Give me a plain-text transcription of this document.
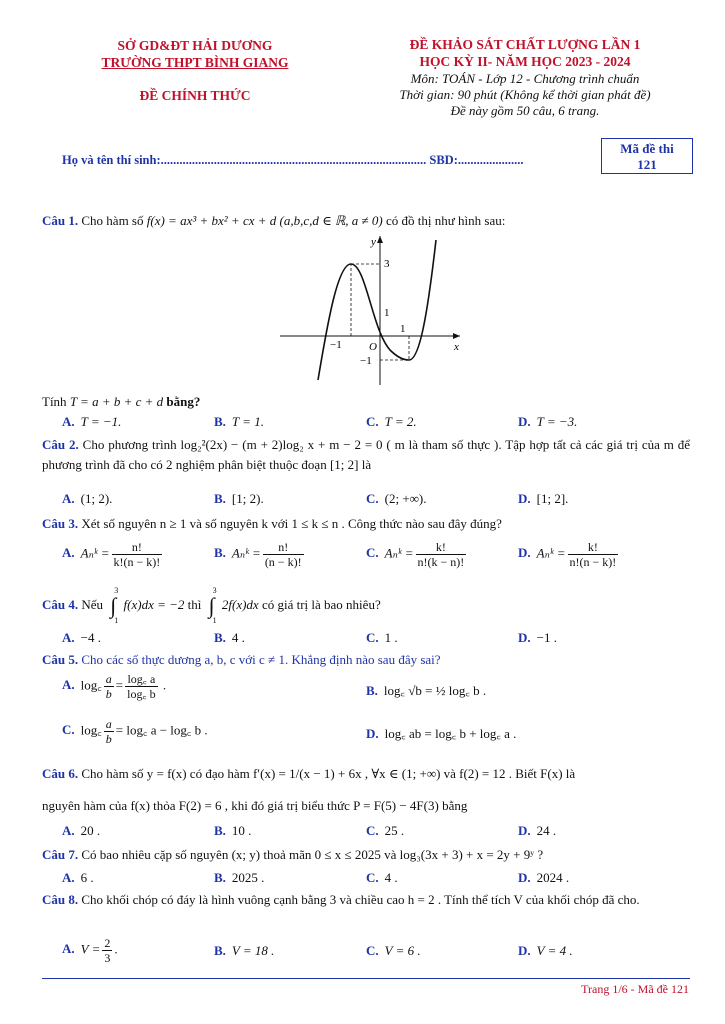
SỞ GD&ĐT HẢI DƯƠNG
TRƯỜNG THPT BÌNH GIANG
ĐỀ CHÍNH THỨC
ĐỀ KHẢO SÁT CHẤT LƯỢNG LẦN 1
HỌC KỲ II- NĂM HỌC 2023 - 2024
Môn: TOÁN - Lớp 12 - Chương trình chuẩn
Thời gian: 90 phút (Không kể thời gian phát đề)
Đề này gồm 50 câu, 6 trang.
Họ và tên thí sinh:..................................................................................... SBD:.....................
Mã đề thi
121
Câu 1. Cho hàm số f(x) = ax³ + bx² + cx + d (a,b,c,d ∈ ℝ, a ≠ 0) có đồ thị như hình sau:
y
x
O
3
1
−1
−1
1
Tính T = a + b + c + d bằng?
A. T = −1.	B. T = 1.	C. T = 2.	D. T = −3.
Câu 2. Cho phương trình log₂²(2x) − (m + 2)log₂ x + m − 2 = 0 ( m là tham số thực ). Tập hợp tất cả các giá trị của m để phương trình đã cho có 2 nghiệm phân biệt thuộc đoạn [1; 2] là
A. (1; 2).	B. [1; 2).	C. (2; +∞).	D. [1; 2].
Câu 3. Xét số nguyên n ≥ 1 và số nguyên k với 1 ≤ k ≤ n . Công thức nào sau đây đúng?
A. Aₙᵏ = $\frac{n!}{k!(n - k)!}$	B. Aₙᵏ = $\frac{n!}{(n - k)!}$	C. Aₙᵏ = $\frac{k!}{n!(k - n)!}$	D. Aₙᵏ = $\frac{k!}{n!(n - k)!}$
Câu 4. Nếu ∫
3
1
f(x)dx = −2 thì ∫
3
1
2f(x)dx có giá trị là bao nhiêu?
A. −4 .	B. 4 .	C. 1 .	D. −1 .
Câu 5. Cho các số thực dương a, b, c với c ≠ 1. Khẳng định nào sau đây sai?
A. log꜀ $\frac{a}{b} = \frac{\log꜀ a}{\log꜀ b}$ .	B. log꜀ √b = ½ log꜀ b .
C. log꜀ $\frac{a}{b}$ = log꜀ a − log꜀ b .	D. log꜀ ab = log꜀ b + log꜀ a .
Câu 6. Cho hàm số y = f(x) có đạo hàm f′(x) = 1/(x − 1) + 6x , ∀x ∈ (1; +∞) và f(2) = 12 . Biết F(x) là
nguyên hàm của f(x) thỏa F(2) = 6 , khi đó giá trị biểu thức P = F(5) − 4F(3) bằng
A. 20 .	B. 10 .	C. 25 .	D. 24 .
Câu 7. Có bao nhiêu cặp số nguyên (x; y) thoả mãn 0 ≤ x ≤ 2025 và log₃(3x + 3) + x = 2y + 9ʸ ?
A. 6 .	B. 2025 .	C. 4 .	D. 2024 .
Câu 8. Cho khối chóp có đáy là hình vuông cạnh bằng 3 và chiều cao h = 2 . Tính thể tích V của khối chóp đã cho.
A. $V = \frac{2}{3}$ .	B. V = 18 .	C. V = 6 .	D. V = 4 .
Trang 1/6 - Mã đề 121
